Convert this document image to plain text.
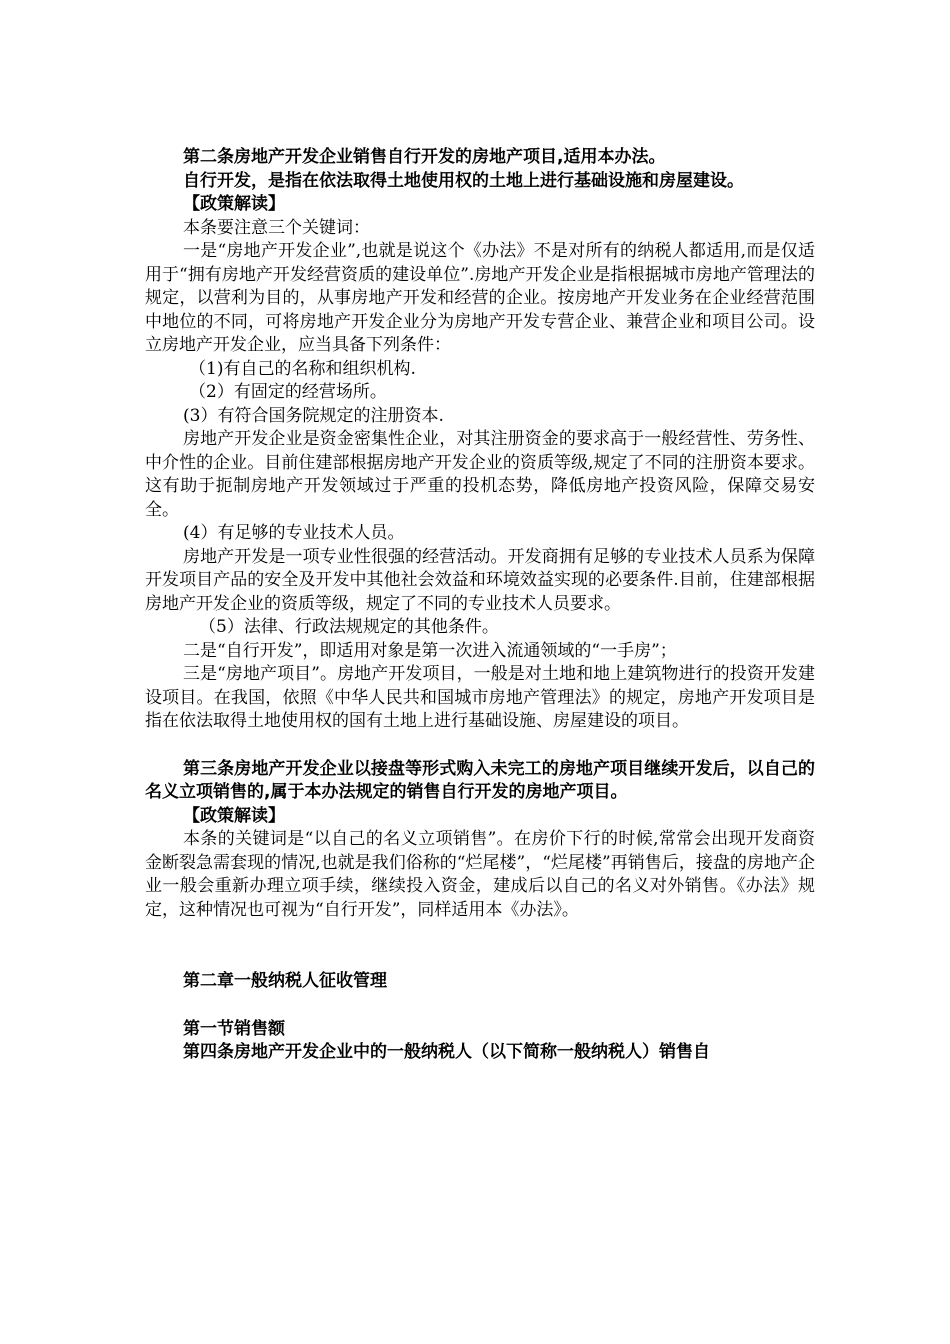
第二条房地产开发企业销售自行开发的房地产项目,适用本办法。

自行开发，是指在依法取得土地使用权的土地上进行基础设施和房屋建设。

【政策解读】

本条要注意三个关键词：

一是“房地产开发企业”,也就是说这个《办法》不是对所有的纳税人都适用,而是仅适用于“拥有房地产开发经营资质的建设单位”.房地产开发企业是指根据城市房地产管理法的规定，以营利为目的，从事房地产开发和经营的企业。按房地产开发业务在企业经营范围中地位的不同，可将房地产开发企业分为房地产开发专营企业、兼营企业和项目公司。设立房地产开发企业，应当具备下列条件：

（1)有自己的名称和组织机构.

（2）有固定的经营场所。

(3）有符合国务院规定的注册资本.

房地产开发企业是资金密集性企业，对其注册资金的要求高于一般经营性、劳务性、中介性的企业。目前住建部根据房地产开发企业的资质等级,规定了不同的注册资本要求。这有助于扼制房地产开发领域过于严重的投机态势，降低房地产投资风险，保障交易安全。

(4）有足够的专业技术人员。

房地产开发是一项专业性很强的经营活动。开发商拥有足够的专业技术人员系为保障开发项目产品的安全及开发中其他社会效益和环境效益实现的必要条件.目前，住建部根据房地产开发企业的资质等级，规定了不同的专业技术人员要求。

（5）法律、行政法规规定的其他条件。

二是“自行开发”，即适用对象是第一次进入流通领域的“一手房”；

三是“房地产项目”。房地产开发项目，一般是对土地和地上建筑物进行的投资开发建设项目。在我国，依照《中华人民共和国城市房地产管理法》的规定，房地产开发项目是指在依法取得土地使用权的国有土地上进行基础设施、房屋建设的项目。

第三条房地产开发企业以接盘等形式购入未完工的房地产项目继续开发后，以自己的名义立项销售的,属于本办法规定的销售自行开发的房地产项目。

【政策解读】

本条的关键词是“以自己的名义立项销售”。在房价下行的时候,常常会出现开发商资金断裂急需套现的情况,也就是我们俗称的“烂尾楼”，“烂尾楼”再销售后，接盘的房地产企业一般会重新办理立项手续，继续投入资金，建成后以自己的名义对外销售。《办法》规定，这种情况也可视为“自行开发”，同样适用本《办法》。

第二章一般纳税人征收管理

第一节销售额

第四条房地产开发企业中的一般纳税人（以下简称一般纳税人）销售自
